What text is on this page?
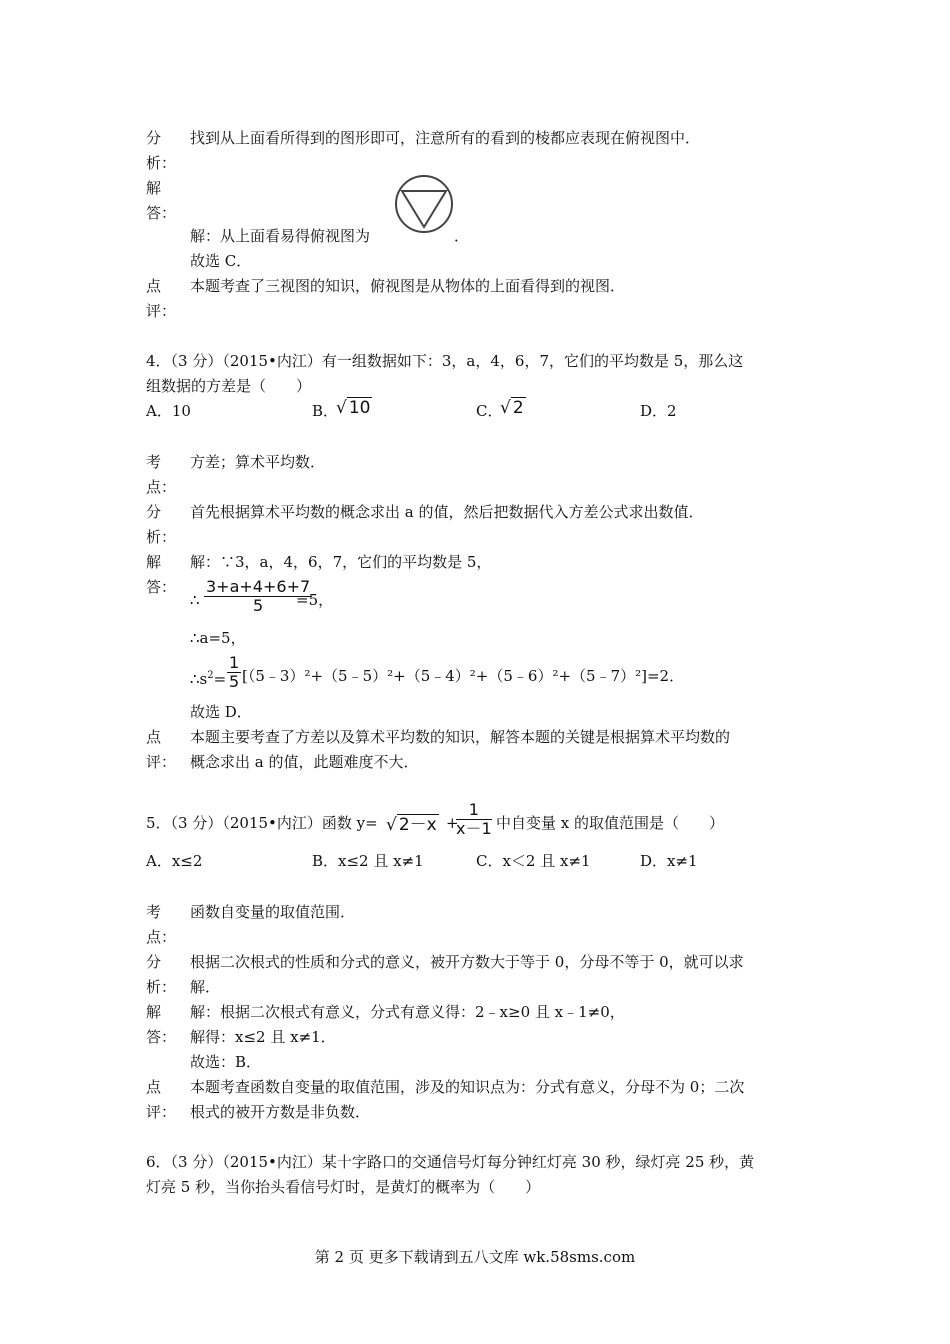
分
析：
找到从上面看所得到的图形即可，注意所有的看到的棱都应表现在俯视图中．
解
答：
解：从上面看易得俯视图为	．
故选 C．
点
评：
本题考查了三视图的知识，俯视图是从物体的上面看得到的视图．
4．（3 分）（2015•内江）有一组数据如下：3，a，4，6，7，它们的平均数是 5，那么这
组数据的方差是（　　）
A．10	B．
√ 10	C．
√ 2	D．2
考
点：
方差；算术平均数．
分
析：
首先根据算术平均数的概念求出 a 的值，然后把数据代入方差公式求出数值．
解
答：
解：∵3，a，4，6，7，它们的平均数是 5，
∴ $\frac{3+a+4+6+7}{5}$
=5，
∴a=5，
$\therefore s^2= \frac{1}{5}$ [（5﹣3）²+（5﹣5）²+（5﹣4）²+（5﹣6）²+（5﹣7）²]=2．
故选 D．
点
评：
本题主要考查了方差以及算术平均数的知识，解答本题的关键是根据算术平均数的
概念求出 a 的值，此题难度不大．
5．（3 分）（2015•内江）函数 y= √ 2－x +
$\frac{1}{x-1}$ 中自变量 x 的取值范围是（　　）
A．x≤2	B．x≤2 且 x≠1	C．x＜2 且 x≠1	D．x≠1
考
点：
函数自变量的取值范围．
分
析：
根据二次根式的性质和分式的意义，被开方数大于等于 0，分母不等于 0，就可以求
解．
解
答：
解：根据二次根式有意义，分式有意义得：2﹣x≥0 且 x﹣1≠0，
解得：x≤2 且 x≠1．
故选：B．
点
评：
本题考查函数自变量的取值范围，涉及的知识点为：分式有意义，分母不为 0；二次
根式的被开方数是非负数．
6．（3 分）（2015•内江）某十字路口的交通信号灯每分钟红灯亮 30 秒，绿灯亮 25 秒，黄
灯亮 5 秒，当你抬头看信号灯时，是黄灯的概率为（　　）
第 2 页 更多下载请到五八文库 wk.58sms.com
